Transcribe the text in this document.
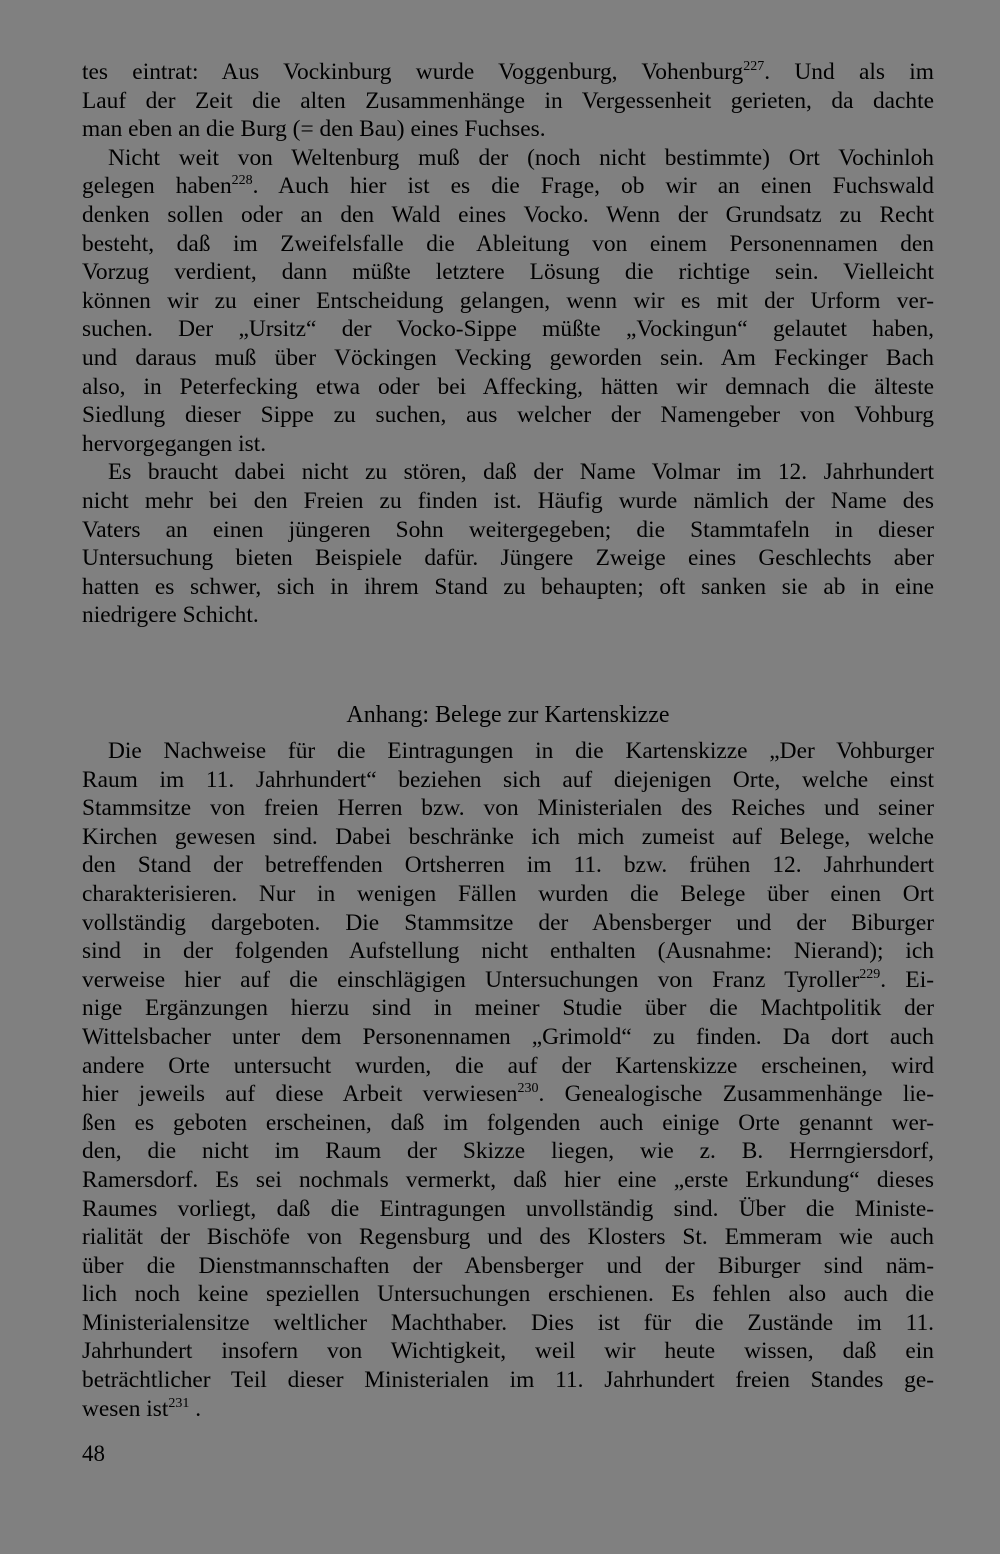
tes eintrat: Aus Vockinburg wurde Voggenburg, Vohenburg$^{227}$. Und als im
Lauf der Zeit die alten Zusammenhänge in Vergessenheit gerieten, da dachte
man eben an die Burg (= den Bau) eines Fuchses.

Nicht weit von Weltenburg muß der (noch nicht bestimmte) Ort Vochinloh
gelegen haben$^{228}$. Auch hier ist es die Frage, ob wir an einen Fuchswald
denken sollen oder an den Wald eines Vocko. Wenn der Grundsatz zu Recht
besteht, daß im Zweifelsfalle die Ableitung von einem Personennamen den
Vorzug verdient, dann müßte letztere Lösung die richtige sein. Vielleicht
können wir zu einer Entscheidung gelangen, wenn wir es mit der Urform ver-
suchen. Der „Ursitz“ der Vocko-Sippe müßte „Vockingun“ gelautet haben,
und daraus muß über Vöckingen Vecking geworden sein. Am Feckinger Bach
also, in Peterfecking etwa oder bei Affecking, hätten wir demnach die älteste
Siedlung dieser Sippe zu suchen, aus welcher der Namengeber von Vohburg
hervorgegangen ist.

Es braucht dabei nicht zu stören, daß der Name Volmar im 12. Jahrhundert
nicht mehr bei den Freien zu finden ist. Häufig wurde nämlich der Name des
Vaters an einen jüngeren Sohn weitergegeben; die Stammtafeln in dieser
Untersuchung bieten Beispiele dafür. Jüngere Zweige eines Geschlechts aber
hatten es schwer, sich in ihrem Stand zu behaupten; oft sanken sie ab in eine
niedrigere Schicht.

Anhang: Belege zur Kartenskizze

Die Nachweise für die Eintragungen in die Kartenskizze „Der Vohburger
Raum im 11. Jahrhundert“ beziehen sich auf diejenigen Orte, welche einst
Stammsitze von freien Herren bzw. von Ministerialen des Reiches und seiner
Kirchen gewesen sind. Dabei beschränke ich mich zumeist auf Belege, welche
den Stand der betreffenden Ortsherren im 11. bzw. frühen 12. Jahrhundert
charakterisieren. Nur in wenigen Fällen wurden die Belege über einen Ort
vollständig dargeboten. Die Stammsitze der Abensberger und der Biburger
sind in der folgenden Aufstellung nicht enthalten (Ausnahme: Nierand); ich
verweise hier auf die einschlägigen Untersuchungen von Franz Tyroller$^{229}$. Ei-
nige Ergänzungen hierzu sind in meiner Studie über die Machtpolitik der
Wittelsbacher unter dem Personennamen „Grimold“ zu finden. Da dort auch
andere Orte untersucht wurden, die auf der Kartenskizze erscheinen, wird
hier jeweils auf diese Arbeit verwiesen$^{230}$. Genealogische Zusammenhänge lie-
ßen es geboten erscheinen, daß im folgenden auch einige Orte genannt wer-
den, die nicht im Raum der Skizze liegen, wie z. B. Herrngiersdorf,
Ramersdorf. Es sei nochmals vermerkt, daß hier eine „erste Erkundung“ dieses
Raumes vorliegt, daß die Eintragungen unvollständig sind. Über die Ministe-
rialität der Bischöfe von Regensburg und des Klosters St. Emmeram wie auch
über die Dienstmannschaften der Abensberger und der Biburger sind näm-
lich noch keine speziellen Untersuchungen erschienen. Es fehlen also auch die
Ministerialensitze weltlicher Machthaber. Dies ist für die Zustände im 11.
Jahrhundert insofern von Wichtigkeit, weil wir heute wissen, daß ein
beträchtlicher Teil dieser Ministerialen im 11. Jahrhundert freien Standes ge-
wesen ist$^{231}$ .

48
